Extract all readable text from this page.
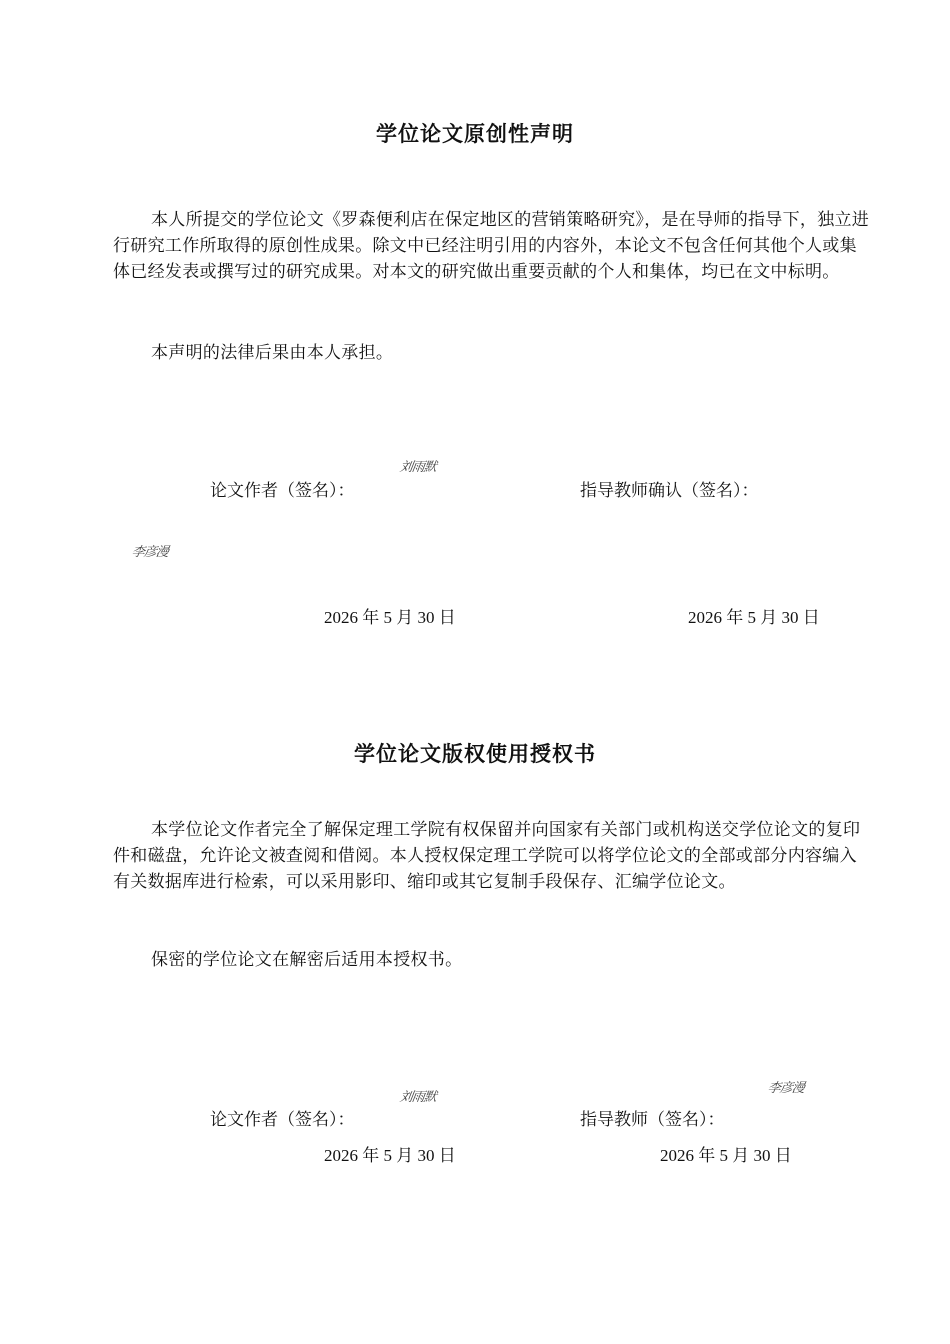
学位论文原创性声明

本人所提交的学位论文《罗森便利店在保定地区的营销策略研究》，是在导师的指导下，独立进行研究工作所取得的原创性成果。除文中已经注明引用的内容外，本论文不包含任何其他个人或集体已经发表或撰写过的研究成果。对本文的研究做出重要贡献的个人和集体，均已在文中标明。

本声明的法律后果由本人承担。

刘雨默
论文作者（签名）：	指导教师确认（签名）：
李彦漫
2026 年 5 月 30 日	2026 年 5 月 30 日
学位论文版权使用授权书

本学位论文作者完全了解保定理工学院有权保留并向国家有关部门或机构送交学位论文的复印件和磁盘，允许论文被查阅和借阅。本人授权保定理工学院可以将学位论文的全部或部分内容编入有关数据库进行检索，可以采用影印、缩印或其它复制手段保存、汇编学位论文。

保密的学位论文在解密后适用本授权书。

刘雨默
李彦漫
论文作者（签名）：	指导教师（签名）：
2026 年 5 月 30 日	2026 年 5 月 30 日
